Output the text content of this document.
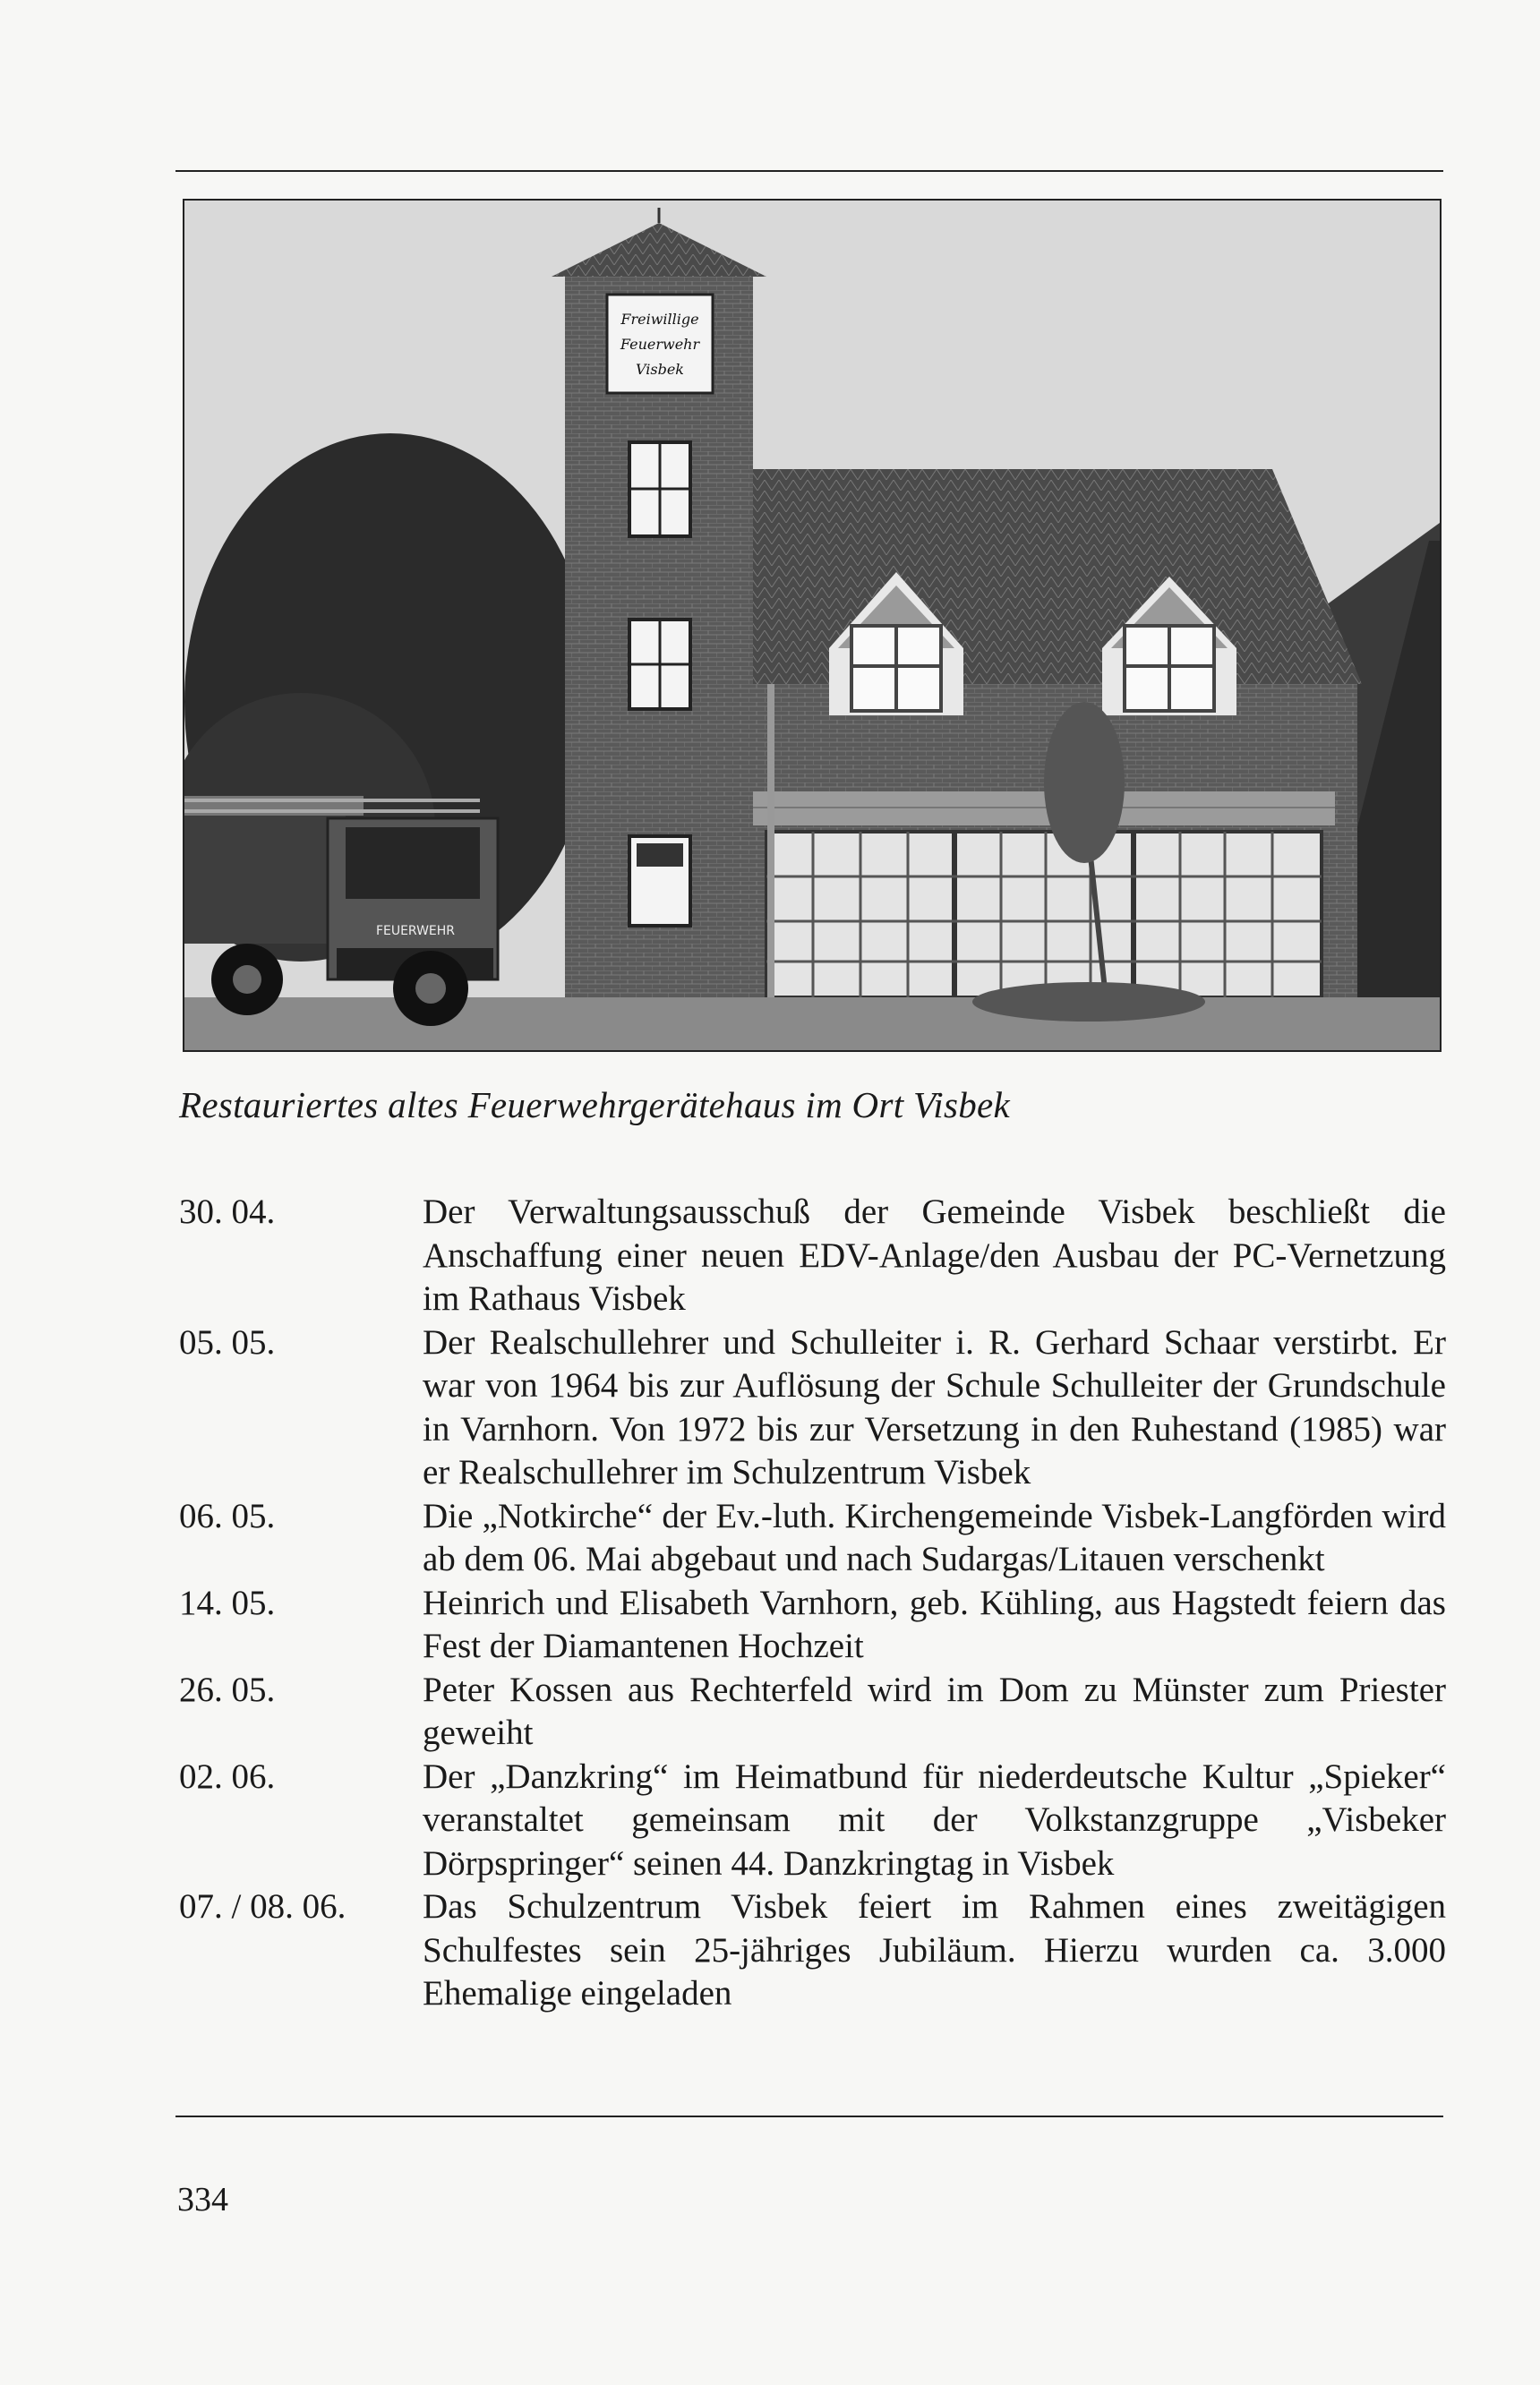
Freiwillige
Feuerwehr
Visbek
FEUERWEHR
Restauriertes altes Feuerwehrgerätehaus im Ort Visbek
30. 04.	Der Verwaltungsausschuß der Gemeinde Visbek beschließt die Anschaffung einer neuen EDV-Anlage/den Ausbau der PC-Vernetzung im Rathaus Visbek
05. 05.	Der Realschullehrer und Schulleiter i. R. Gerhard Schaar verstirbt. Er war von 1964 bis zur Auflösung der Schule Schulleiter der Grundschule in Varnhorn. Von 1972 bis zur Versetzung in den Ruhestand (1985) war er Realschullehrer im Schulzentrum Visbek
06. 05.	Die „Notkirche“ der Ev.-luth. Kirchengemeinde Visbek-Langförden wird ab dem 06. Mai abgebaut und nach Sudargas/Litauen verschenkt
14. 05.	Heinrich und Elisabeth Varnhorn, geb. Kühling, aus Hagstedt feiern das Fest der Diamantenen Hochzeit
26. 05.	Peter Kossen aus Rechterfeld wird im Dom zu Münster zum Priester geweiht
02. 06.	Der „Danzkring“ im Heimatbund für niederdeutsche Kultur „Spieker“ veranstaltet gemeinsam mit der Volkstanzgruppe „Visbeker Dörpspringer“ seinen 44. Danzkringtag in Visbek
07. / 08. 06.	Das Schulzentrum Visbek feiert im Rahmen eines zweitägigen Schulfestes sein 25-jähriges Jubiläum. Hierzu wurden ca. 3.000 Ehemalige eingeladen
334
